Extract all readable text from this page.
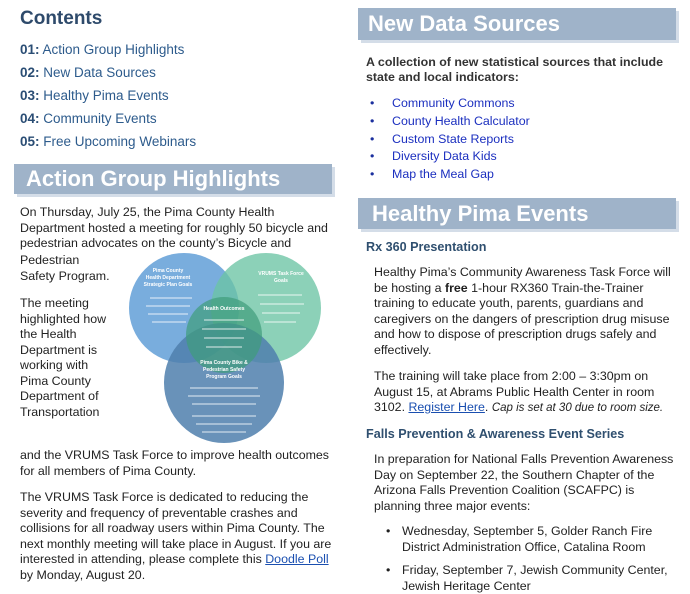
Contents
01: Action Group Highlights
02: New Data Sources
03: Healthy Pima Events
04: Community Events
05: Free Upcoming Webinars
Action Group Highlights
On Thursday, July 25, the Pima County Health Department hosted a meeting for roughly 50 bicycle and pedestrian advocates on the county’s Bicycle and

Pedestrian Safety Program.

The meeting highlighted how the Health Department is working with Pima County Department of Transportation

Pima County
Health Department
Strategic Plan Goals
VRUMS Task Force
Goals
Health Outcomes
Pima County Bike &
Pedestrian Safety
Program Goals
and the VRUMS Task Force to improve health outcomes for all members of Pima County.
The VRUMS Task Force is dedicated to reducing the severity and frequency of preventable crashes and collisions for all roadway users within Pima County. The next monthly meeting will take place in August. If you are interested in attending, please complete this Doodle Poll by Monday, August 20.
New Data Sources
A collection of new statistical sources that include state and local indicators:
• Community Commons
• County Health Calculator
• Custom State Reports
• Diversity Data Kids
• Map the Meal Gap
Healthy Pima Events
Rx 360 Presentation
Healthy Pima’s Community Awareness Task Force will be hosting a free 1-hour RX360 Train-the-Trainer training to educate youth, parents, guardians and caregivers on the dangers of prescription drug misuse and how to dispose of prescription drugs safely and effectively.
The training will take place from 2:00 – 3:30pm on August 15, at Abrams Public Health Center in room 3102. Register Here. Cap is set at 30 due to room size.
Falls Prevention & Awareness Event Series
In preparation for National Falls Prevention Awareness Day on September 22, the Southern Chapter of the Arizona Falls Prevention Coalition (SCAFPC) is planning three major events:
• Wednesday, September 5, Golder Ranch Fire District Administration Office, Catalina Room
• Friday, September 7, Jewish Community Center, Jewish Heritage Center
